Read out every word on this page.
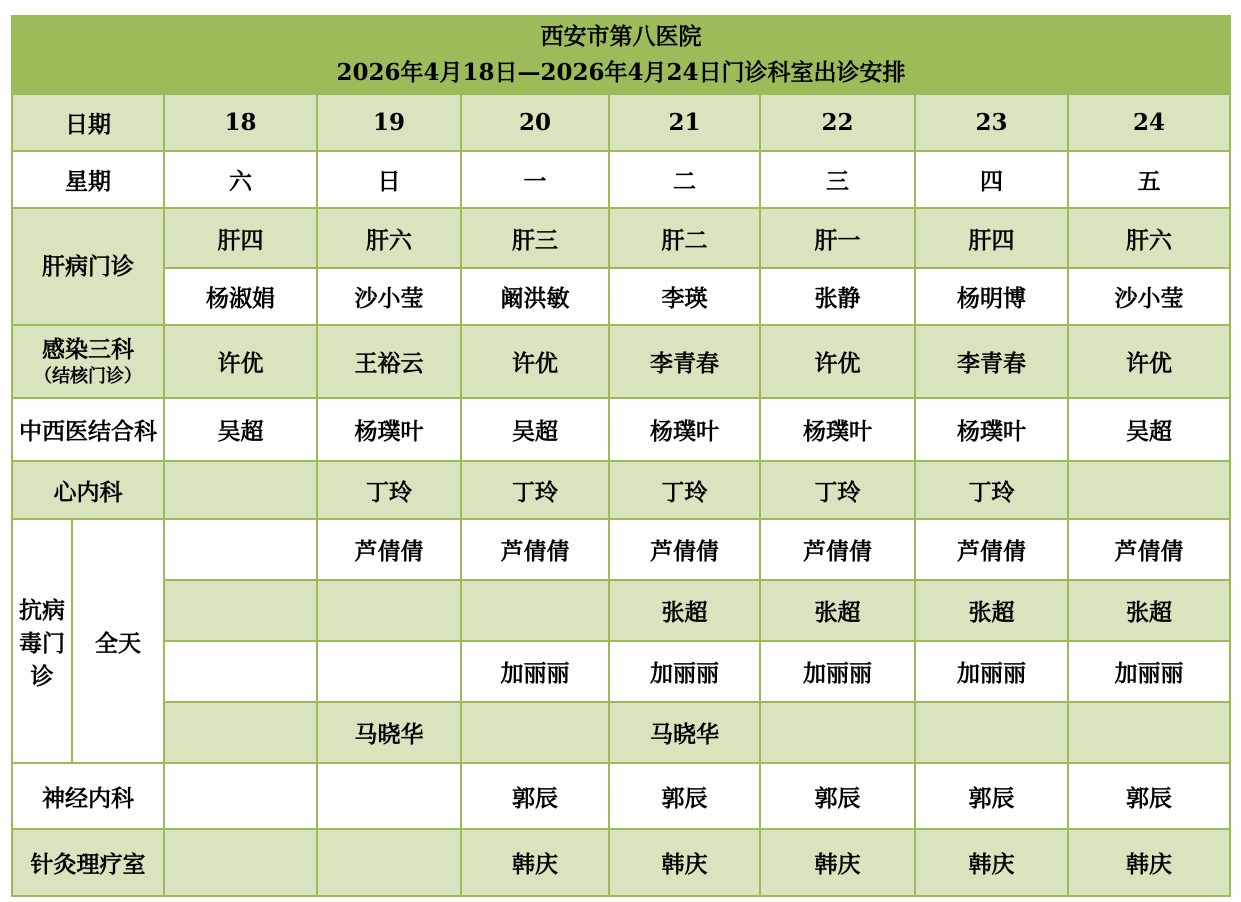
西安市第八医院
2026年4月18日—2026年4月24日门诊科室出诊安排								

日期		18	19	20	21	22	23	24
星期		六	日	一	二	三	四	五
肝病门诊		肝四	肝六	肝三	肝二	肝一	肝四	肝六
		杨淑娟	沙小莹	阚洪敏	李瑛	张静	杨明博	沙小莹

感染三科
（结核门诊）		许优	王裕云	许优	李青春	许优	李青春	许优
中西医结合科		吴超	杨璞叶	吴超	杨璞叶	杨璞叶	杨璞叶	吴超
心内科			丁玲	丁玲	丁玲	丁玲	丁玲	
抗病毒门诊	全天		芦倩倩	芦倩倩	芦倩倩	芦倩倩	芦倩倩	芦倩倩
					张超	张超	张超	张超
				加丽丽	加丽丽	加丽丽	加丽丽	加丽丽
			马晓华		马晓华			
神经内科				郭辰	郭辰	郭辰	郭辰	郭辰
针灸理疗室				韩庆	韩庆	韩庆	韩庆	韩庆
